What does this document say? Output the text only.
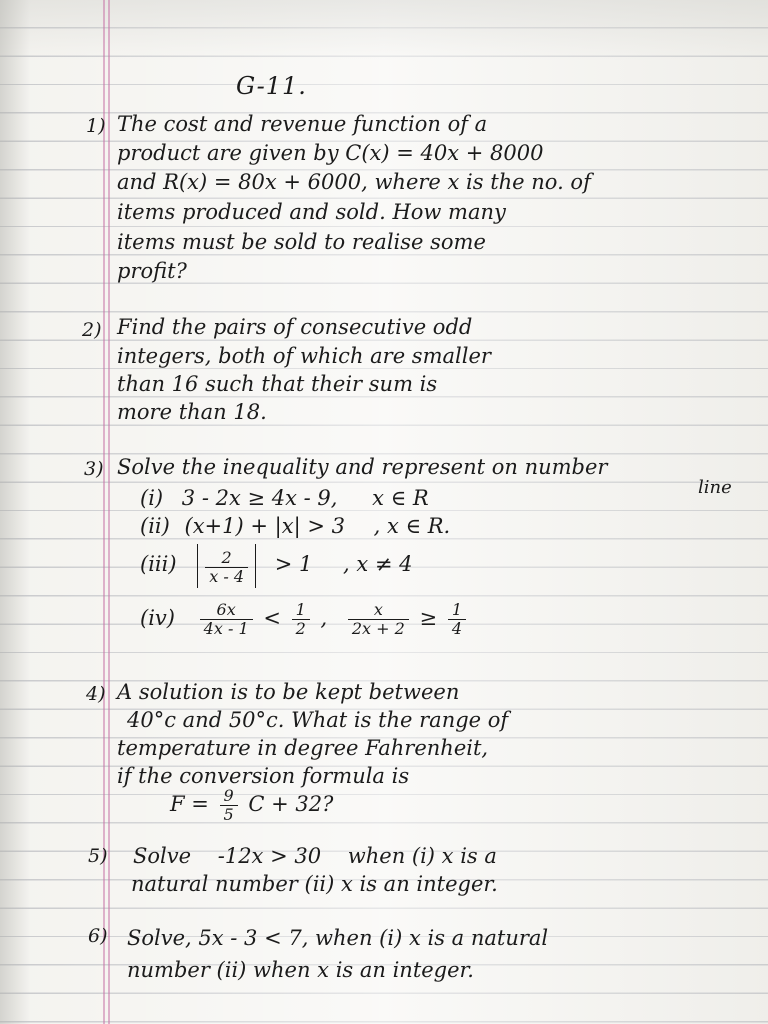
G-11.
1) The cost and revenue function of a
product are given by C(x) = 40x + 8000
and R(x) = 80x + 6000, where x is the no. of
items produced and sold. How many
items must be sold to realise some
profit?
2) Find the pairs of consecutive odd
integers, both of which are smaller
than 16 such that their sum is
more than 18.
3) Solve the inequality and represent on number
line
(i) 3 - 2x ≥ 4x - 9, x ∈ R
(ii) (x+1) + |x| > 3 , x ∈ R.
$(iii) \frac{2}{x - 4} > 1$ , x ≠ 4
$(iv) \frac{6x}{4x - 1} < \frac{1}{2}$ , $\frac{x}{2x + 2} \ge \frac{1}{4}$
4) A solution is to be kept between
40°c and 50°c. What is the range of
temperature in degree Fahrenheit,
if the conversion formula is
$F = \frac{9}{5}$ C + 32?
5) Solve    -12x > 30    when (i) x is a
natural number (ii) x is an integer.
6) Solve, 5x - 3 < 7, when (i) x is a natural
number (ii) when x is an integer.
